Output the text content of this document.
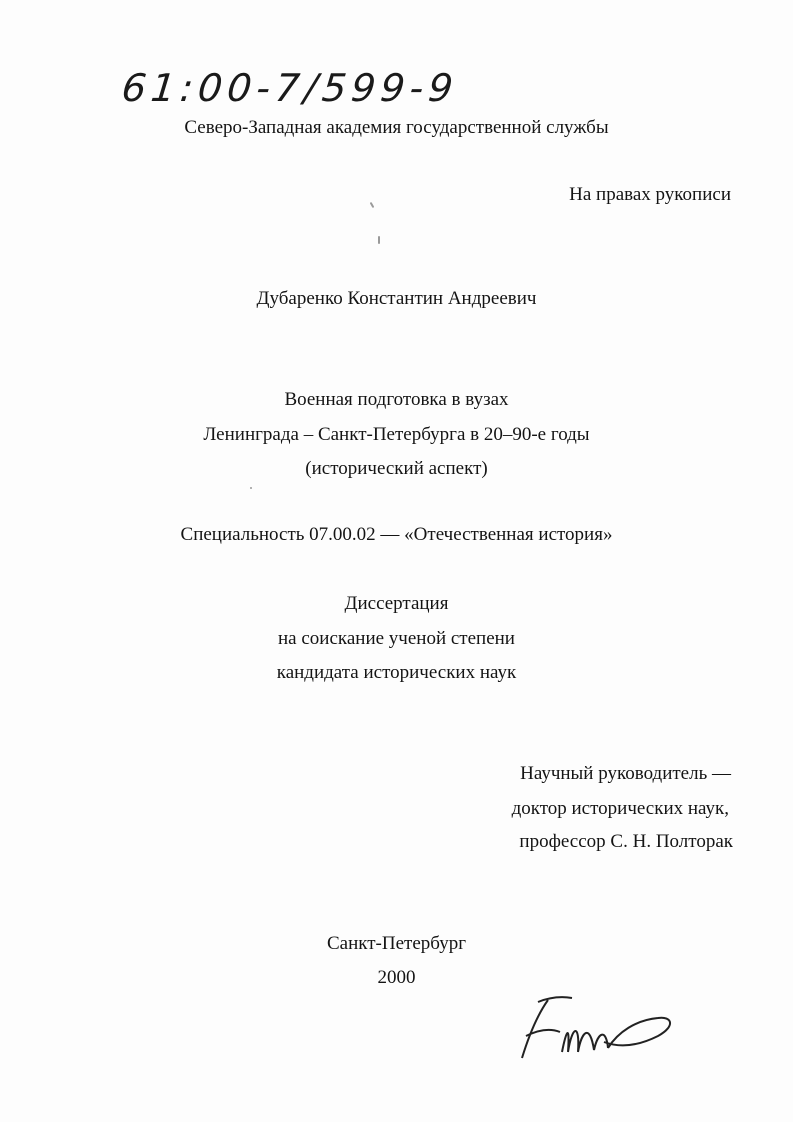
61:00-7/599-9
Северо-Западная академия государственной службы
На правах рукописи
Дубаренко Константин Андреевич
Военная подготовка в вузах
Ленинграда – Санкт-Петербурга в 20–90-е годы
(исторический аспект)
Специальность 07.00.02 — «Отечественная история»
Диссертация
на соискание ученой степени
кандидата исторических наук
Научный руководитель —
доктор исторических наук,
профессор С. Н. Полторак
Санкт-Петербург
2000
